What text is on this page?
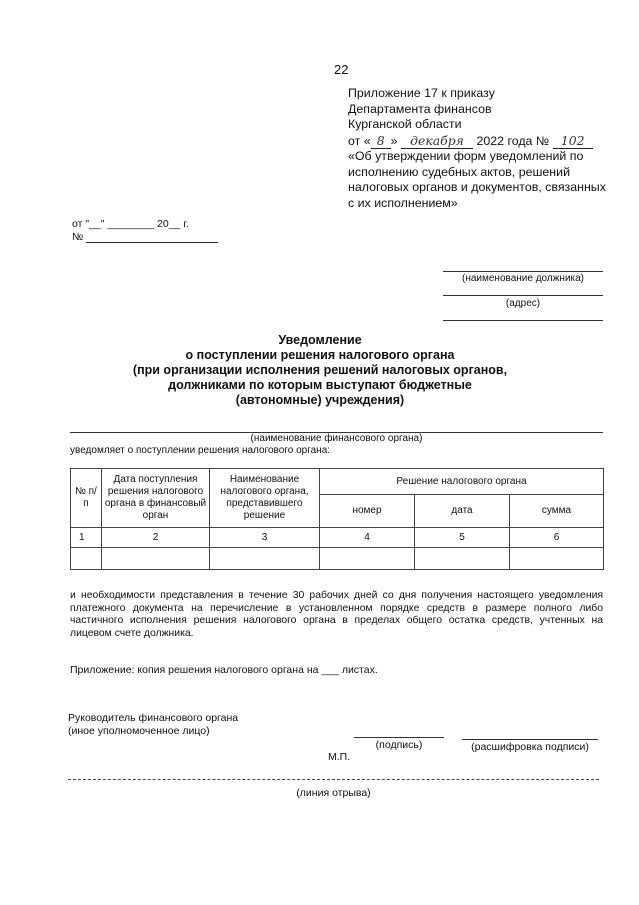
22
Приложение 17 к приказу
Департамента финансов
Курганской области
от « 8 » декабря 2022 года № 102
«Об утверждении форм уведомлений по исполнению судебных актов, решений налоговых органов и документов, связанных с их исполнением»
от "__" ________ 20__ г.
№
(наименование должника)
(адрес)
Уведомление
о поступлении решения налогового органа
(при организации исполнения решений налоговых органов,
должниками по которым выступают бюджетные
(автономные) учреждения)
(наименование финансового органа)
уведомляет о поступлении решения налогового органа:
№ п/п	Дата поступления решения налогового органа в финансовый орган	Наименование налогового органа, представившего решение	Решение налогового органа		
			номер	дата	сумма
1	2	3	4	5	6

и необходимости представления в течение 30 рабочих дней со дня получения настоящего уведомления платежного документа на перечисление в установленном порядке средств в размере полного либо частичного исполнения решения налогового органа в пределах общего остатка средств, учтенных на лицевом счете должника.
Приложение: копия решения налогового органа на ___ листах.
Руководитель финансового органа
(иное уполномоченное лицо)
(подпись)	(расшифровка подписи)
М.П.
(линия отрыва)
